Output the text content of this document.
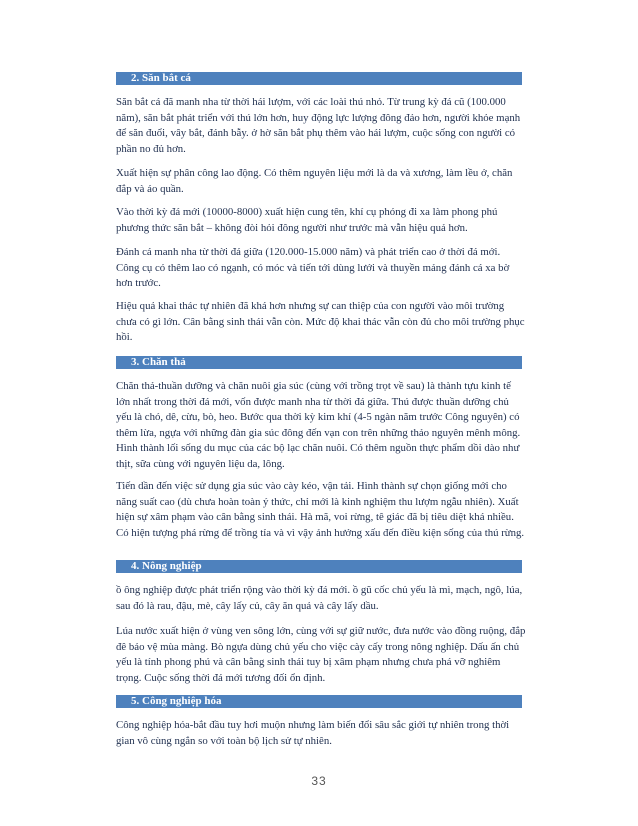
2. Săn bắt cá

Săn bắt cá đã manh nha từ thời hái lượm, với các loài thú nhỏ. Từ trung kỳ đá cũ (100.000 năm), săn bắt phát triển với thú lớn hơn, huy động lực lượng đông đảo hơn, người khỏe mạnh để săn đuổi, vây bắt, đánh bẫy. ở hờ săn bắt phụ thêm vào hái lượm, cuộc sống con người có phần no đủ hơn.

Xuất hiện sự phân công lao động. Có thêm nguyên liệu mới là da và xương, làm lều ở, chăn đắp và áo quần.

Vào thời kỳ đá mới (10000-8000) xuất hiện cung tên, khí cụ phóng đi xa làm phong phú phương thức săn bắt – không đòi hỏi đông người như trước mà vẫn hiệu quả hơn.

Đánh cá manh nha từ thời đá giữa (120.000-15.000 năm) và phát triển cao ở thời đá mới. Công cụ có thêm lao có ngạnh, có móc và tiến tới dùng lưới và thuyền mảng đánh cá xa bờ hơn trước.

Hiệu quả khai thác tự nhiên đã khá hơn nhưng sự can thiệp của con người vào môi trường chưa có gì lớn. Cân bằng sinh thái vẫn còn. Mức độ khai thác vẫn còn đủ cho môi trường phục hồi.

3. Chăn thả

Chăn thả-thuần dưỡng và chăn nuôi gia súc (cùng với trồng trọt về sau) là thành tựu kinh tế lớn nhất trong thời đá mới, vốn được manh nha từ thời đá giữa. Thú được thuần dưỡng chủ yếu là chó, dê, cừu, bò, heo. Bước qua thời kỳ kim khí (4-5 ngàn năm trước Công nguyên) có thêm lừa, ngựa với những đàn gia súc đông đến vạn con trên những thảo nguyên mênh mông. Hình thành lối sống du mục của các bộ lạc chăn nuôi. Có thêm nguồn thực phẩm dồi dào như thịt, sữa cùng với nguyên liệu da, lông.

Tiến dần đến việc sử dụng gia súc vào cày kéo, vận tải. Hình thành sự chọn giống mới cho năng suất cao (dù chưa hoàn toàn ý thức, chỉ mới là kinh nghiệm thu lượm ngẫu nhiên). Xuất hiện sự xâm phạm vào cân bằng sinh thái. Hà mã, voi rừng, tê giác đã bị tiêu diệt khá nhiều. Có hiện tượng phá rừng để trồng tỉa và vì vậy ảnh hưởng xấu đến điều kiện sống của thú rừng.

4. Nông nghiệp

ồ ông nghiệp được phát triển rộng vào thời kỳ đá mới. ồ gũ cốc chủ yếu là mì, mạch, ngô, lúa, sau đó là rau, đậu, mè, cây lấy củ, cây ăn quả và cây lấy dầu.

Lúa nước xuất hiện ở vùng ven sông lớn, cùng với sự giữ nước, đưa nước vào đồng ruộng, đắp đê bảo vệ mùa màng. Bò ngựa dùng chủ yếu cho việc cày cấy trong nông nghiệp. Dấu ấn chủ yếu là tính phong phú và cân bằng sinh thái tuy bị xâm phạm nhưng chưa phá vỡ nghiêm trọng. Cuộc sống thời đá mới tương đối ổn định.

5. Công nghiệp hóa

Công nghiệp hóa-bắt đầu tuy hơi muộn nhưng làm biến đổi sâu sắc giới tự nhiên trong thời gian vô cùng ngắn so với toàn bộ lịch sử tự nhiên.

33
